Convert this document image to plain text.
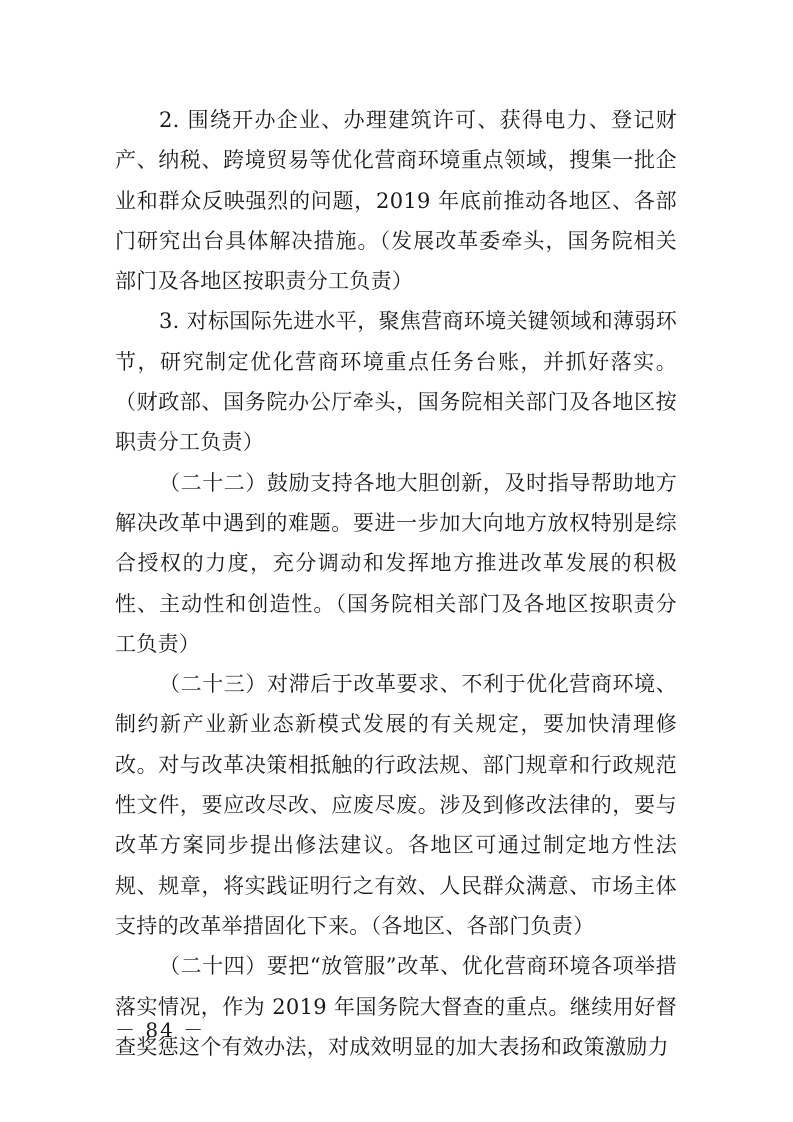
2. 围绕开办企业、办理建筑许可、获得电力、登记财产、纳税、跨境贸易等优化营商环境重点领域，搜集一批企业和群众反映强烈的问题，2019 年底前推动各地区、各部门研究出台具体解决措施。（发展改革委牵头，国务院相关部门及各地区按职责分工负责）

3. 对标国际先进水平，聚焦营商环境关键领域和薄弱环节，研究制定优化营商环境重点任务台账，并抓好落实。（财政部、国务院办公厅牵头，国务院相关部门及各地区按职责分工负责）

（二十二）鼓励支持各地大胆创新，及时指导帮助地方解决改革中遇到的难题。要进一步加大向地方放权特别是综合授权的力度，充分调动和发挥地方推进改革发展的积极性、主动性和创造性。（国务院相关部门及各地区按职责分工负责）

（二十三）对滞后于改革要求、不利于优化营商环境、制约新产业新业态新模式发展的有关规定，要加快清理修改。对与改革决策相抵触的行政法规、部门规章和行政规范性文件，要应改尽改、应废尽废。涉及到修改法律的，要与改革方案同步提出修法建议。各地区可通过制定地方性法规、规章，将实践证明行之有效、人民群众满意、市场主体支持的改革举措固化下来。（各地区、各部门负责）

（二十四）要把“放管服”改革、优化营商环境各项举措落实情况，作为 2019 年国务院大督查的重点。继续用好督查奖惩这个有效办法，对成效明显的加大表扬和政策激励力

－ 84 －
